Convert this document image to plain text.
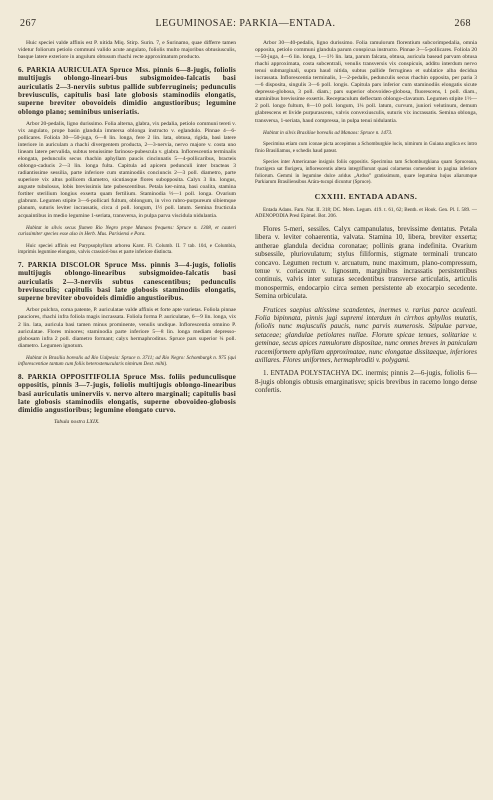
267	LEGUMINOSAE: PARKIA—ENTADA.	268

Huic speciei valde affinis est P. nitida Miq. Stirp. Surin. 7, e Surinamo, quae differre tamen videtur foliorum petiolo communi valido acute angulato, foliolis multo majoribus obtusiusculis, basque latere exteriore in angulum obtusum rhachi recte approximatum producto.

6. PARKIA AURICULATA Spruce Mss. pinnis 6—8-jugis, foliolis multijugis oblongo-lineari-bus subsigmoideo-falcatis basi auriculatis 2—3-nerviis subtus pallide subferrugineis; pedunculis breviusculis, capitulis basi late globosis staminodiis elongatis, superne breviter obovoideis dimidio angustioribus; legumine oblongo plano; seminibus uniseriatis.

Arbor 20-pedalis, ligno durissimo. Folia alterna, glabra, vix pedalia, petiolo communi tereti v. vix angulato, prope basin glandula immersa oblonga instructo v. eglandulo. Pinnae 4—6-pollicares. Foliola 30—50-juga, 6—8 lin. longa, fere 2 lin. lata, obtusa, rigida, basi latere interiore in auriculam a rhachi divergentem producta, 2—3-nervia, nervo majore v. costa uno lineam latere pervalida, subtus tenuissime farinoso-pubescula v. glabra. Inflorescentia terminalis elongata, pedunculis secus rhachin aphyllam paucis cincinnatis 5—4-pollicaribus, bracteis oblongo-caducis 2—3 lin. longa fulta. Capitula ad apicem pedunculi inter bracteas 3 radiantissime sessilia, parte inferiore cum staminodiis conciuncis 2—3 poll. diametro, parte superiore vix altus pollicem diametro, sicutiasque flores subopposita. Calyx 3 lin. longus, anguste tubulosus, lobis brevissimis late pubescentibus. Petala ker-nima, basi coalita, stamina fortiter sterilium longius exserta quam fertilium. Staminodia ½—1 poll. longa. Ovarium glabrum. Legumen stipite 3—6-pollicari fultum, oblongum, in vivo rubro-purpureum sibiemque planum, suturis leviter incrassatis, circa 4 poll. longum, 1½ poll. latum. Semina fructicula acquaintibus in medio legumine 1-seriata, transversa, in pulpa parva viscidula nidulantia.

Habitat in silvis secus flumen Rio Negro prope Manaos frequens: Spruce n. 1308, et cauteri curissimiter species esse also in Herb. Mus. Parisiensi e Para.

Huic speciei affinis est Parypsophyllum arborea Karst. Fl. Columb. II. 7 tab. 104, e Columbia, imprimis legumine elongato, valvis crassiori-bus et parte inferiore distincta.

7. PARKIA DISCOLOR Spruce Mss. pinnis 3—4-jugis, foliolis multijugis oblongo-linearibus subsigmoideo-falcatis basi auriculatis 2—3-nerviis subtus canescentibus; pedunculis breviusculis; capitulis basi late globosis staminodiis elongatis, superne breviter obovoideis dimidio angustioribus.

Arbor pulchra, coma patente, P. auriculatae valde affinis et forte apte varietas. Foliola pinnae pauciores, rhachi infra foliola magis incrassata. Foliola forma P. auriculatae, 6—9 lin. longa, vix 2 lin. lata, auricula basi tamen minus prominente, venulis undique. Inflorescentia omnino P. auriculatae. Flores minores; staminodia parte inferiore 5—8 lin. longa mediam depresso-globosam infra 2 poll. diametro formant; calyx hermaphroditus. Spruce pars superior ¼ poll. diametro. Legumen ignotum.

Habitat in Brasilia borealis ad Rio Ualpesia: Spruce n. 3711; ad Rio Negro: Schomburgk n. 975 (qui inflorescentiae tantum cum foliis heterostenucularis nimirum Dest. mihi).

8. PARKIA OPPOSITIFOLIA Spruce Mss. foliis pedunculisque oppositis, pinnis 3—7-jugis, foliolis multijugis oblongo-linearibus basi auriculatis uninerviis v. nervo altero marginali; capitulis basi late globosis staminodiis elongatis, superne obovoideo-globosis dimidio angustioribus; legumine elongato curvo.

Tabula nostra LXIX.

Arbor 30—40-pedalis, ligno durissimo. Folia ramulorum florentium subcorimpedalia, omnia opposita, petiolo communi glandula parum conspicua instructo. Pinnae 3—5-pollicares. Foliola 20—50-juga, 4—6 lin. longa, 1—1½ lin. lata, parum falcata, obtusa, auricula basead parvam obtusa rhachi approximata, costa subcentrali, venulis transversis vix conspicuis, additu interdum nervo tenui submarginali, supra haud nitida, subtus pallide ferruginea et sublatice alba decidua incrassata. Inflorescentia terminalis, 1—2-pedalis, pedunculis secus rhachin opposita, per paria 3—6 disposita, singulis 3—6 poll. longis. Capitula pars inferior cum staminodiis elongatis sicute depresso-globosa, 3 poll. diam.; pars superior obovoideo-globosa, fluorescens, 1 poll. diam., staminibus brevissime exsertis. Receptaculum deflectam oblongo-clavatum. Legumen stipite 1½—2 poll. longo fultum, 8—10 poll. longum, 1¼ poll. latum, curvum, juniori velutinum, demum glabrescens et livide purpurascens, valvis convexiusculis, suturis vix incrassatis. Semina oblonga, transversa, 1-seriata, haud compressa, in pulpa tenui nidulantia.

Habitat in silvis Brasiliae borealis ad Manaos: Spruce n. 1473.

Specimina etiam cum iconae picta accepimus a Schomburgkie locis, nimirum in Guiana anglica ex intro finio Brasiliamus, e schedis haud pateat.

Species inter Americanae insignis foliis oppositis. Specimina tam Schomburgkiana quam Spruceana, fructigera sat florigera, inflorescentis altera integriflorunt quasi colarnetus comendent in pagina inferiore foliorum. Gemmi in legumine dulce aridus „Arduo‟ gratissimum, quare legumina hujus aliarumque Parkiarum Brasiliensibus Arára-tucupi dicuntur (Spruce).

CXXIII. ENTADA ADANS.

Entada Adans. Fam. Nat. II. 318; DC. Mem. Legum. 419. t. 61, 62; Benth. et Hook. Gen. Pl. I. 589. — ADENOPODIA Presl Epimel. Bot. 206.

Flores 5-meri, sessiles. Calyx campanulatus, brevissime dentatus. Petala libera v. leviter cohaerentia, valvata. Stamina 10, libera, breviter exserta; antherae glandula decidua coronatae; pollinis grana indefinita. Ovarium subsessile, pluriovulatum; stylus filiformis, stigmate terminali truncato concavo. Legumen rectum v. arcuatum, nunc maximum, plano-compressum, tenue v. coriaceum v. lignosum, marginibus incrassatis persistentibus continuis, valvis inter suturas secedentibus transverse articulatis, articulis monospermis, endocarpio circa semen persistente ab exocarpio secedente. Semina orbiculata.

Frutices saepius altissime scandentes, inermes v. rarius parce aculeati. Folia bipinnata, pinnis jugi supremi interdum in cirrhos aphyllos mutatis, foliolis nunc majusculis paucis, nunc parvis numerosis. Stipulae parvae, setaceae; glandulae petiolares nullae. Florum spicae tenues, solitariae v. geminae, secus apices ramulorum dispositae, nunc omnes breves in paniculam racemiformem aphyllam approximatae, nunc elongatae dissitaeque, inferiores axillares. Flores uniformes, hermaphroditi v. polygami.

1. ENTADA POLYSTACHYA DC. inermis; pinnis 2—6-jugis, foliolis 6—8-jugis oblongis obtusis emarginatisve; spicis brevibus in racemo longo dense confertis.
